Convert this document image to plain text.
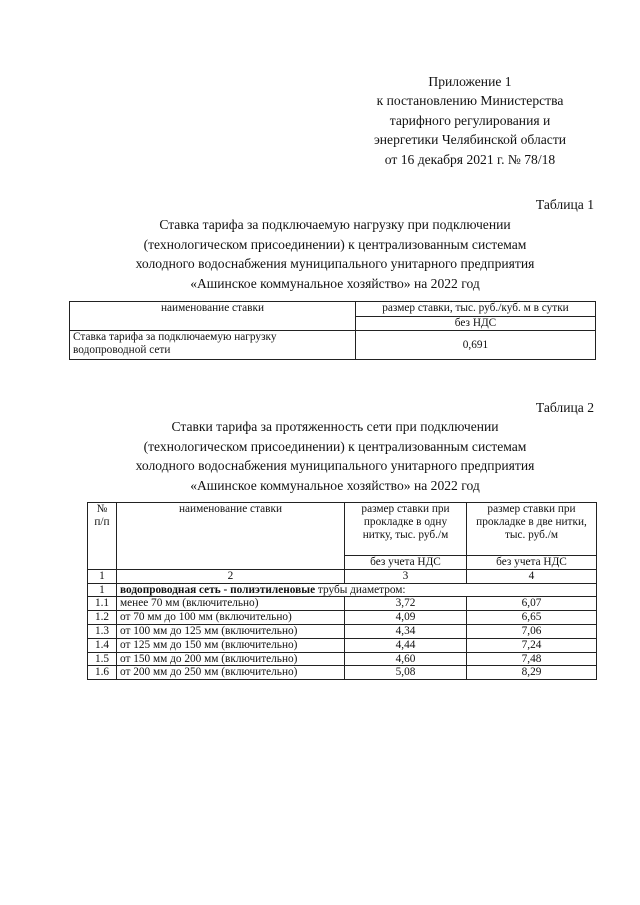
Приложение 1
к постановлению Министерства
тарифного регулирования и
энергетики Челябинской области
от 16 декабря 2021 г. № 78/18
Таблица 1
Ставка тарифа за подключаемую нагрузку при подключении
(технологическом присоединении) к централизованным системам
холодного водоснабжения муниципального унитарного предприятия
«Ашинское коммунальное хозяйство» на 2022 год
наименование ставки	размер ставки, тыс. руб./куб. м в сутки
	без НДС
Ставка тарифа за подключаемую нагрузку водопроводной сети	0,691
Таблица 2
Ставки тарифа за протяженность сети при подключении
(технологическом присоединении) к централизованным системам
холодного водоснабжения муниципального унитарного предприятия
«Ашинское коммунальное хозяйство» на 2022 год
№ п/п	наименование ставки	размер ставки при прокладке в одну нитку, тыс. руб./м	размер ставки при прокладке в две нитки, тыс. руб./м
		без учета НДС	без учета НДС
1	2	3	4
1	водопроводная сеть - полиэтиленовые трубы диаметром:		
1.1	менее 70 мм (включительно)	3,72	6,07
1.2	от 70 мм до 100 мм (включительно)	4,09	6,65
1.3	от 100 мм до 125 мм (включительно)	4,34	7,06
1.4	от 125 мм до 150 мм (включительно)	4,44	7,24
1.5	от 150 мм до 200 мм (включительно)	4,60	7,48
1.6	от 200 мм до 250 мм (включительно)	5,08	8,29
